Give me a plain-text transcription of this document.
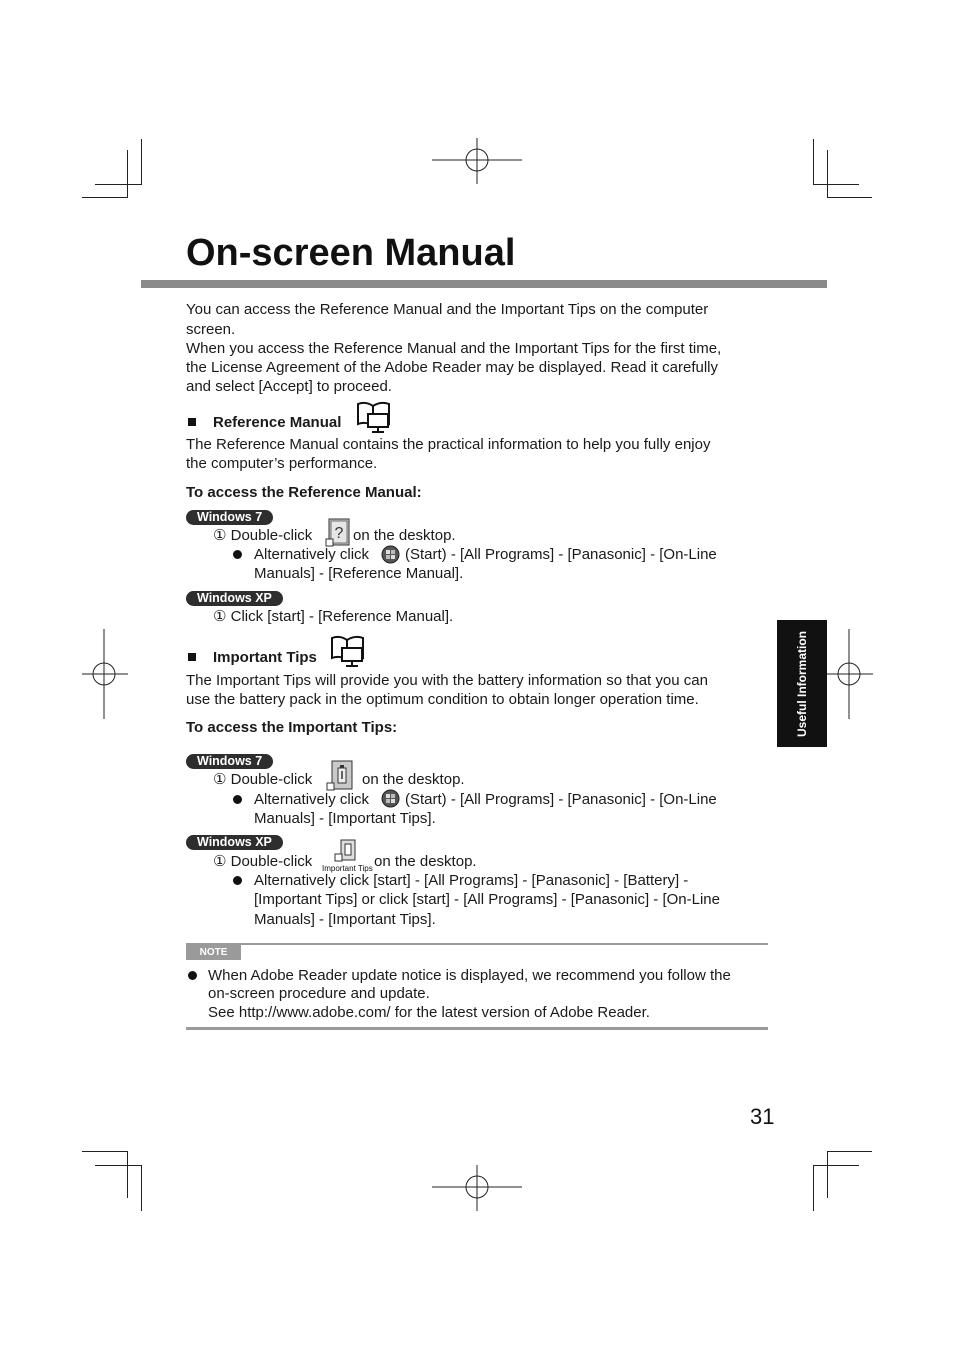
On-screen Manual
You can access the Reference Manual and the Important Tips on the computer
screen.
When you access the Reference Manual and the Important Tips for the first time,
the License Agreement of the Adobe Reader may be displayed. Read it carefully
and select [Accept] to proceed.
Reference Manual
The Reference Manual contains the practical information to help you fully enjoy
the computer’s performance.
To access the Reference Manual:
Windows 7
① Double-click ? on the desktop.
Alternatively click (Start) - [All Programs] - [Panasonic] - [On-Line
Manuals] - [Reference Manual].
Windows XP
① Click [start] - [Reference Manual].
Important Tips
The Important Tips will provide you with the battery information so that you can
use the battery pack in the optimum condition to obtain longer operation time.
To access the Important Tips:
Windows 7
① Double-click	on the desktop.
Alternatively click (Start) - [All Programs] - [Panasonic] - [On-Line
Manuals] - [Important Tips].
Windows XP
① Double-click Important Tips on the desktop.
Alternatively click [start] - [All Programs] - [Panasonic] - [Battery] -
[Important Tips] or click [start] - [All Programs] - [Panasonic] - [On-Line
Manuals] - [Important Tips].
NOTE
When Adobe Reader update notice is displayed, we recommend you follow the
on-screen procedure and update.
See http://www.adobe.com/ for the latest version of Adobe Reader.
Useful Information
31
